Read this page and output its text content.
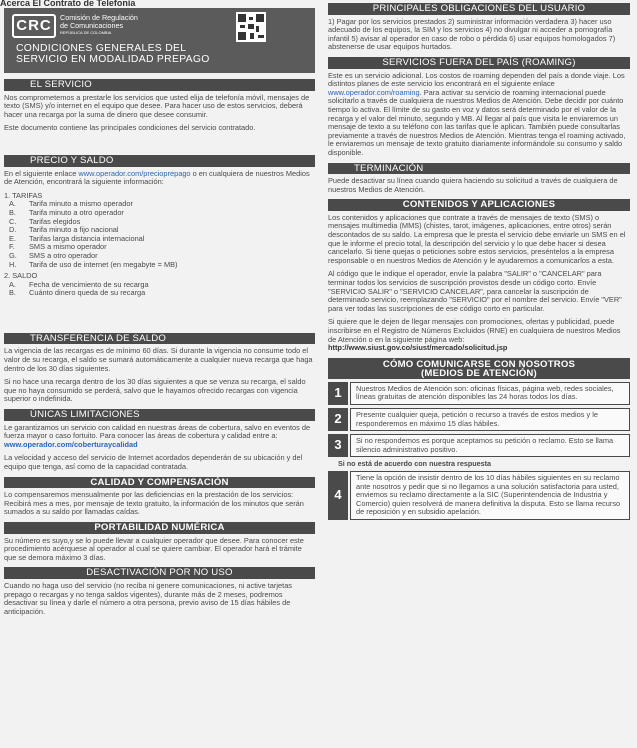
Acerca El Contrato de Telefonía
CRC	Comisión de Regulación
de Comunicaciones
REPÚBLICA DE COLOMBIA
CONDICIONES GENERALES DEL
SERVICIO EN MODALIDAD PREPAGO
EL SERVICIO
Nos comprometemos a prestarle los servicios que usted elija de telefonía móvil, mensajes de texto (SMS) y/o internet en el equipo que desee. Para hacer uso de estos servicios, deberá hacer una recarga por la suma de dinero que desee consumir.
Este documento contiene las principales condiciones del servicio contratado.
PRECIO Y SALDO
En el siguiente enlace www.operador.com/precioprepago o en cualquiera de nuestros Medios de Atención, encontrará la siguiente información:
1. TARIFAS
A. Tarifa minuto a mismo operador
B. Tarifa minuto a otro operador
C. Tarifas elegidos
D. Tarifa minuto a fijo nacional
E. Tarifas larga distancia internacional
F. SMS a mismo operador
G. SMS a otro operador
H. Tarifa de uso de internet (en megabyte = MB)
2. SALDO
A. Fecha de vencimiento de su recarga
B. Cuánto dinero queda de su recarga
TRANSFERENCIA DE SALDO
La vigencia de las recargas es de mínimo 60 días. Si durante la vigencia no consume todo el valor de su recarga, el saldo se sumará automáticamente a cualquier nueva recarga que haga dentro de los 30 días siguientes.
Si no hace una recarga dentro de los 30 días siguientes a que se venza su recarga, el saldo que no haya consumido se perderá, salvo que le hayamos ofrecido recargas con vigencia superior o indefinida.
ÚNICAS LIMITACIONES
Le garantizamos un servicio con calidad en nuestras áreas de cobertura, salvo en eventos de fuerza mayor o caso fortuito. Para conocer las áreas de cobertura y calidad entre a: www.operador.com/coberturaycalidad
La velocidad y acceso del servicio de Internet acordados dependerán de su ubicación y del equipo que tenga, así como de la capacidad contratada.
CALIDAD Y COMPENSACIÓN
Lo compensaremos mensualmente por las deficiencias en la prestación de los servicios: Recibirá mes a mes, por mensaje de texto gratuito, la información de los minutos que serán sumados a su saldo por llamadas caídas.
PORTABILIDAD NUMÉRICA
Su número es suyo,y se lo puede llevar a cualquier operador que desee. Para conocer este procedimiento acérquese al operador al cual se quiere cambiar. El operador hará el trámite que se demora máximo 3 días.
DESACTIVACIÓN POR NO USO
Cuando no haga uso del servicio (no reciba ni genere comunicaciones, ni active tarjetas prepago o recargas y no tenga saldos vigentes), durante más de 2 meses, podremos desactivar su línea y darle el número a otra persona, previo aviso de 15 días hábiles de anticipación.
PRINCIPALES OBLIGACIONES DEL USUARIO
1) Pagar por los servicios prestados 2) suministrar información verdadera 3) hacer uso adecuado de los equipos, la SIM y los servicios 4) no divulgar ni acceder a pornografía infantil 5) avisar al operador en caso de robo o pérdida 6) usar equipos homologados 7) abstenerse de usar equipos hurtados.
SERVICIOS FUERA DEL PAÍS (ROAMING)
Este es un servicio adicional. Los costos de roaming dependen del país a donde viaje. Los distintos planes de este servicio los encontrará en el siguiente enlace www.operador.com/roaming. Para activar su servicio de roaming internacional puede solicitarlo a través de cualquiera de nuestros Medios de Atención. Debe decidir por cuánto tiempo lo activa. El límite de su gasto en voz y datos será determinado por el valor de la recarga y el valor del minuto, segundo y MB. Al llegar al país que visita le enviaremos un mensaje de texto a su teléfono con las tarifas que le aplican. También puede consultarlas previamente a través de nuestros Medios de Atención. Mientras tenga el roaming activado, le enviaremos un mensaje de texto gratuito diariamente informándole su consumo y saldo disponible.
TERMINACIÓN
Puede desactivar su línea cuando quiera haciendo su solicitud a través de cualquiera de nuestros Medios de Atención.
CONTENIDOS Y APLICACIONES
Los contenidos y aplicaciones que contrate a través de mensajes de texto (SMS) o mensajes multimedia (MMS) (chistes, tarot, imágenes, aplicaciones, entre otros) serán descontados de su saldo. La empresa que le presta el servicio debe enviarle un SMS en el que le informe el precio total, la descripción del servicio y lo que debe hacer si desea cancelarlo. Si tiene quejas o peticiones sobre estos servicios, preséntelos a la empresa responsable o en nuestros Medios de Atención y le ayudaremos a comunicarlos a esta.
Al código que le indique el operador, envíe la palabra "SALIR" o "CANCELAR" para terminar todos los servicios de suscripción provistos desde un código corto. Envíe "SERVICIO SALIR" o "SERVICIO CANCELAR", para cancelar la suscripción de determinado servicio, reemplazando "SERVICIO" por el nombre del servicio. Envíe "VER" para ver todas las suscripciones de ese código corto en particular.
Si quiere que le dejen de llegar mensajes con promociones, ofertas y publicidad, puede inscribirse en el Registro de Números Excluidos (RNE) en cualquiera de nuestros Medios de Atención o en la siguiente página web: http://www.siust.gov.co/siust/mercado/solicitud.jsp
CÓMO COMUNICARSE CON NOSOTROS
(MEDIOS DE ATENCIÓN)
1	Nuestros Medios de Atención son: oficinas físicas, página web, redes sociales, líneas gratuitas de atención disponibles las 24 horas todos los días.
2	Presente cualquier queja, petición o recurso a través de estos medios y le responderemos en máximo 15 días hábiles.
3	Si no respondemos es porque aceptamos su petición o reclamo. Esto se llama silencio administrativo positivo.
Si no está de acuerdo con nuestra respuesta
4
Tiene la opción de insistir dentro de los 10 días hábiles siguientes en su reclamo ante nosotros y pedir que si no llegamos a una solución satisfactoria para usted, enviemos su reclamo directamente a la SIC (Superintendencia de Industria y Comercio) quien resolverá de manera definitiva la disputa. Esto se llama recurso de reposición y en subsidio apelación.
